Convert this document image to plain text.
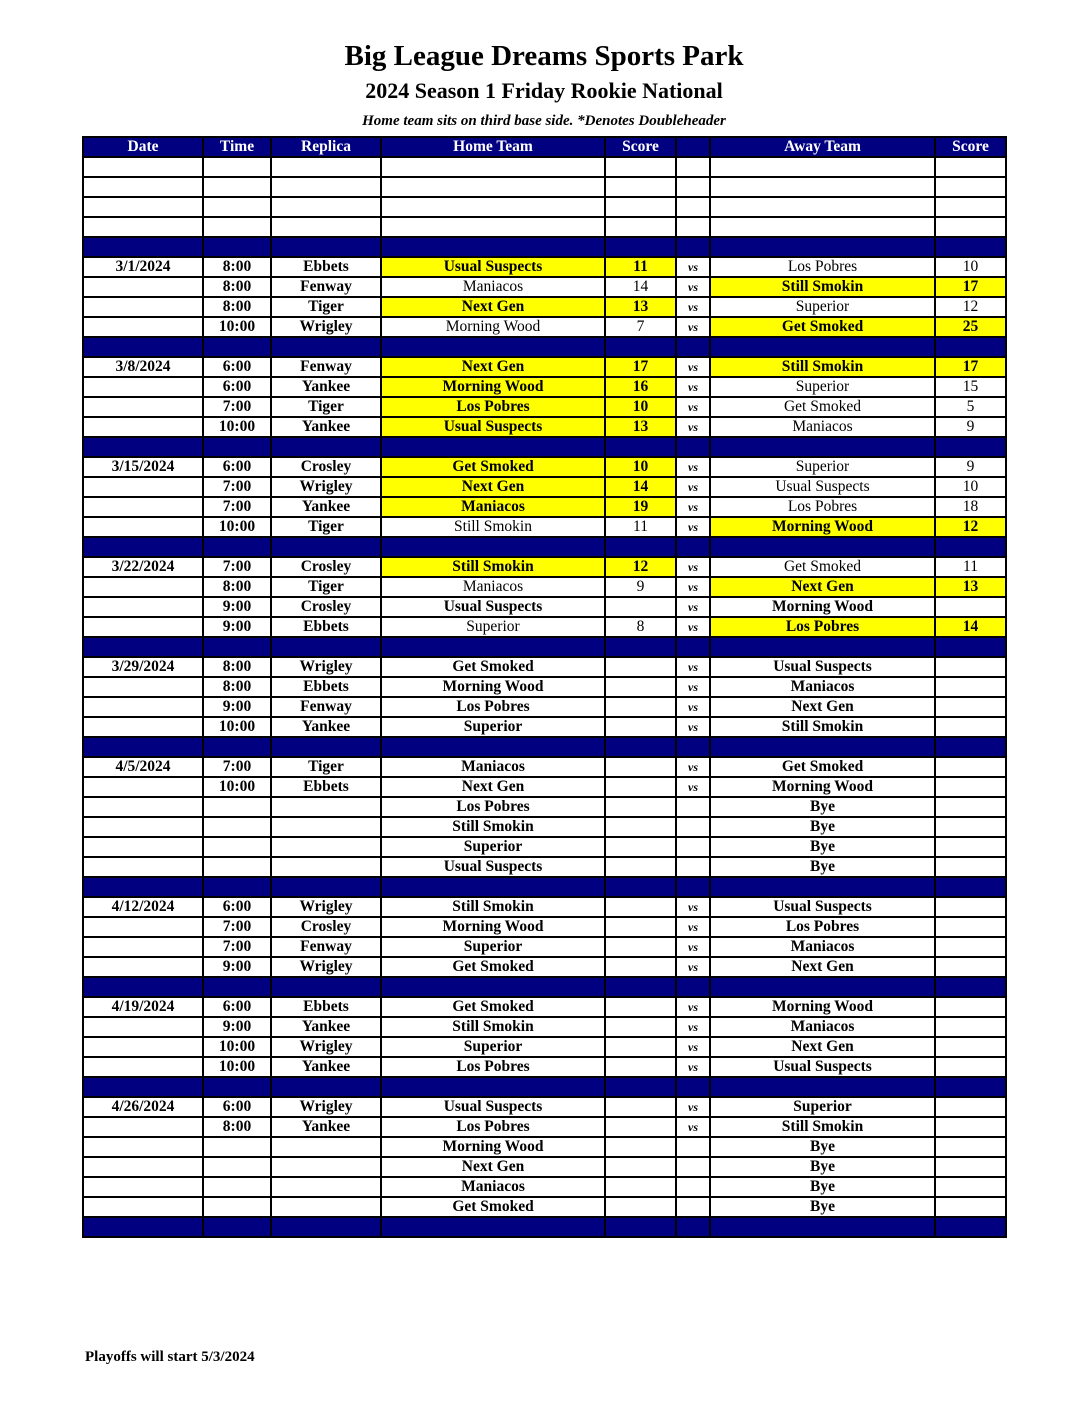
Big League Dreams Sports Park
2024 Season 1 Friday Rookie National
Home team sits on third base side. *Denotes Doubleheader
Date	Time	Replica	Home Team	Score		Away Team	Score

3/1/2024	8:00	Ebbets	Usual Suspects	11	vs	Los Pobres	10
	8:00	Fenway	Maniacos	14	vs	Still Smokin	17
	8:00	Tiger	Next Gen	13	vs	Superior	12
	10:00	Wrigley	Morning Wood	7	vs	Get Smoked	25

3/8/2024	6:00	Fenway	Next Gen	17	vs	Still Smokin	17
	6:00	Yankee	Morning Wood	16	vs	Superior	15
	7:00	Tiger	Los Pobres	10	vs	Get Smoked	5
	10:00	Yankee	Usual Suspects	13	vs	Maniacos	9

3/15/2024	6:00	Crosley	Get Smoked	10	vs	Superior	9
	7:00	Wrigley	Next Gen	14	vs	Usual Suspects	10
	7:00	Yankee	Maniacos	19	vs	Los Pobres	18
	10:00	Tiger	Still Smokin	11	vs	Morning Wood	12

3/22/2024	7:00	Crosley	Still Smokin	12	vs	Get Smoked	11
	8:00	Tiger	Maniacos	9	vs	Next Gen	13
	9:00	Crosley	Usual Suspects		vs	Morning Wood	
	9:00	Ebbets	Superior	8	vs	Los Pobres	14

3/29/2024	8:00	Wrigley	Get Smoked		vs	Usual Suspects	
	8:00	Ebbets	Morning Wood		vs	Maniacos	
	9:00	Fenway	Los Pobres		vs	Next Gen	
	10:00	Yankee	Superior		vs	Still Smokin	

4/5/2024	7:00	Tiger	Maniacos		vs	Get Smoked	
	10:00	Ebbets	Next Gen		vs	Morning Wood	
			Los Pobres			Bye	
			Still Smokin			Bye	
			Superior			Bye	
			Usual Suspects			Bye	

4/12/2024	6:00	Wrigley	Still Smokin		vs	Usual Suspects	
	7:00	Crosley	Morning Wood		vs	Los Pobres	
	7:00	Fenway	Superior		vs	Maniacos	
	9:00	Wrigley	Get Smoked		vs	Next Gen	

4/19/2024	6:00	Ebbets	Get Smoked		vs	Morning Wood	
	9:00	Yankee	Still Smokin		vs	Maniacos	
	10:00	Wrigley	Superior		vs	Next Gen	
	10:00	Yankee	Los Pobres		vs	Usual Suspects	

4/26/2024	6:00	Wrigley	Usual Suspects		vs	Superior	
	8:00	Yankee	Los Pobres		vs	Still Smokin	
			Morning Wood			Bye	
			Next Gen			Bye	
			Maniacos			Bye	
			Get Smoked			Bye	

Playoffs will start 5/3/2024
